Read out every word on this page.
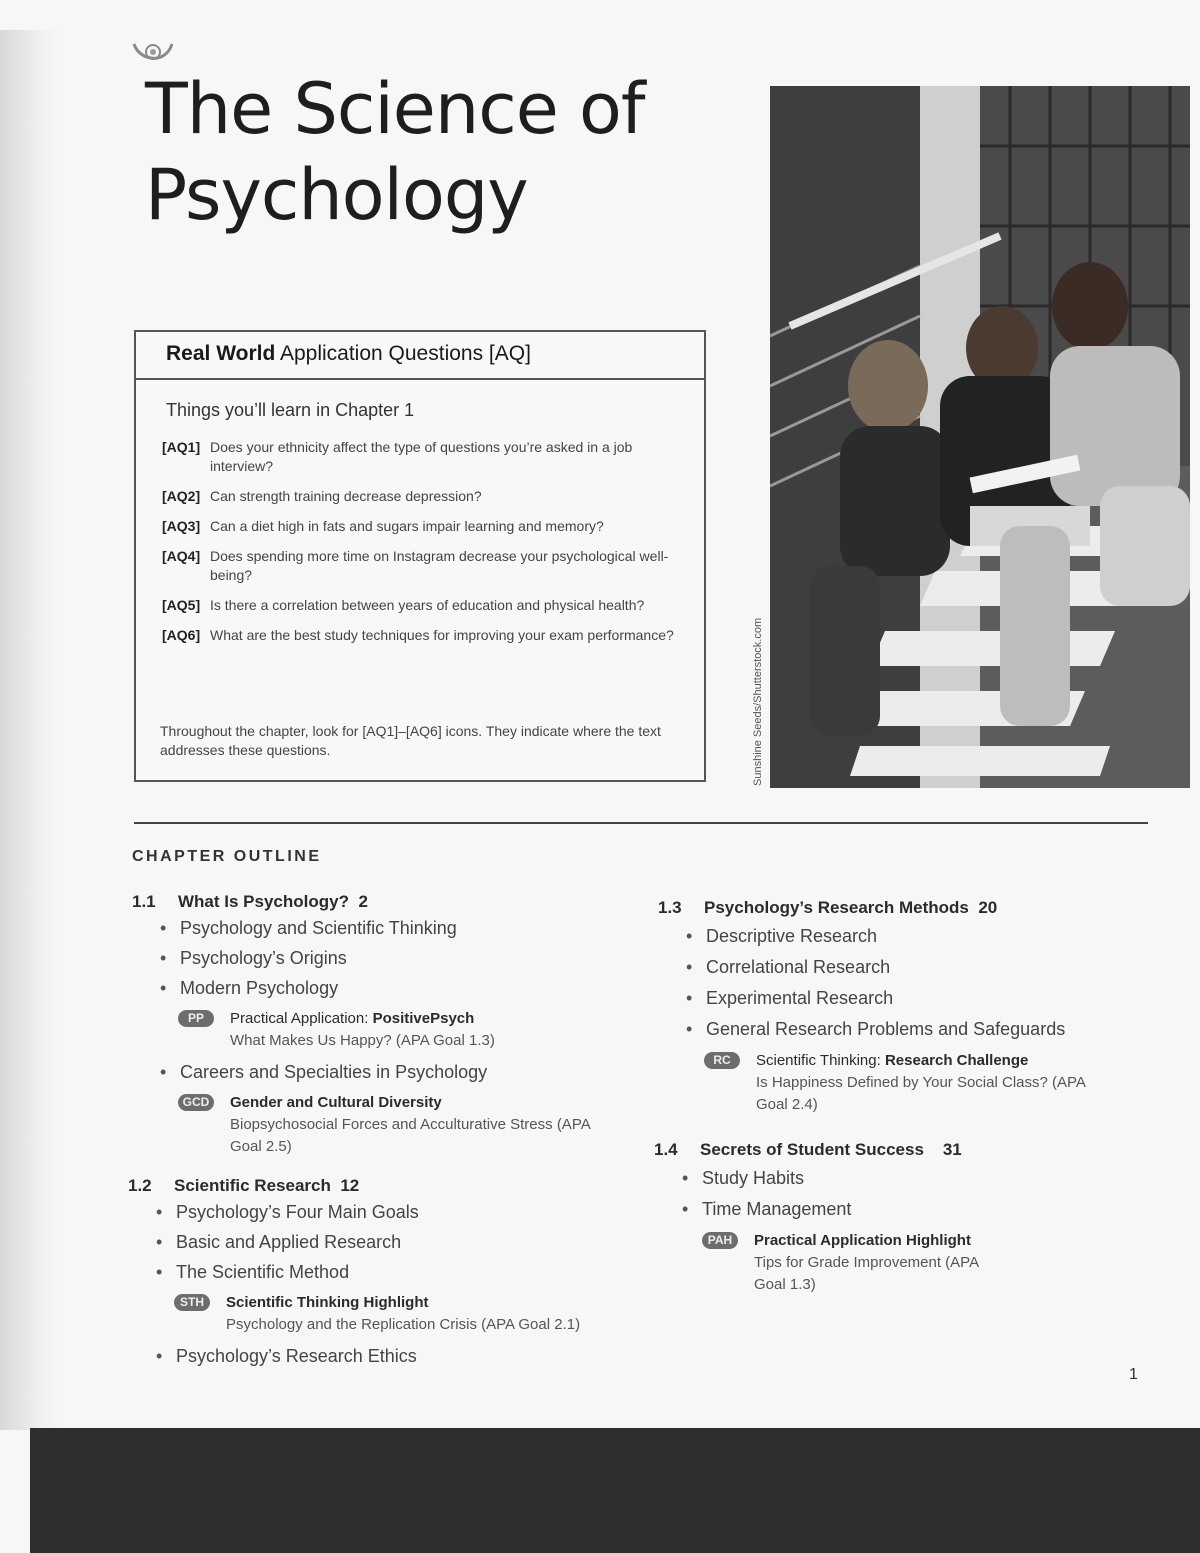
The Science of
Psychology
Real World Application Questions [AQ]
Things you’ll learn in Chapter 1
[AQ1] Does your ethnicity affect the type of questions you’re asked in a job interview?
[AQ2] Can strength training decrease depression?
[AQ3] Can a diet high in fats and sugars impair learning and memory?
[AQ4] Does spending more time on Instagram decrease your psychological well-being?
[AQ5] Is there a correlation between years of education and physical health?
[AQ6] What are the best study techniques for improving your exam performance?
Throughout the chapter, look for [AQ1]–[AQ6] icons. They indicate where the text addresses these questions.	Sunshine Seeds/Shutterstock.com
CHAPTER OUTLINE
1.1 What Is Psychology? 2
• Psychology and Scientific Thinking
• Psychology’s Origins
• Modern Psychology
PP	Practical Application: PositivePsych
What Makes Us Happy? (APA Goal 1.3)
• Careers and Specialties in Psychology
GCD	Gender and Cultural Diversity
Biopsychosocial Forces and Acculturative Stress (APA Goal 2.5)
1.2 Scientific Research 12
• Psychology’s Four Main Goals
• Basic and Applied Research
• The Scientific Method
STH	Scientific Thinking Highlight
Psychology and the Replication Crisis (APA Goal 2.1)
• Psychology’s Research Ethics
1.3 Psychology’s Research Methods 20
• Descriptive Research
• Correlational Research
• Experimental Research
• General Research Problems and Safeguards
RC	Scientific Thinking: Research Challenge
Is Happiness Defined by Your Social Class? (APA Goal 2.4)
1.4 Secrets of Student Success 31
• Study Habits
• Time Management
PAH	Practical Application Highlight
Tips for Grade Improvement (APA Goal 1.3)
1
